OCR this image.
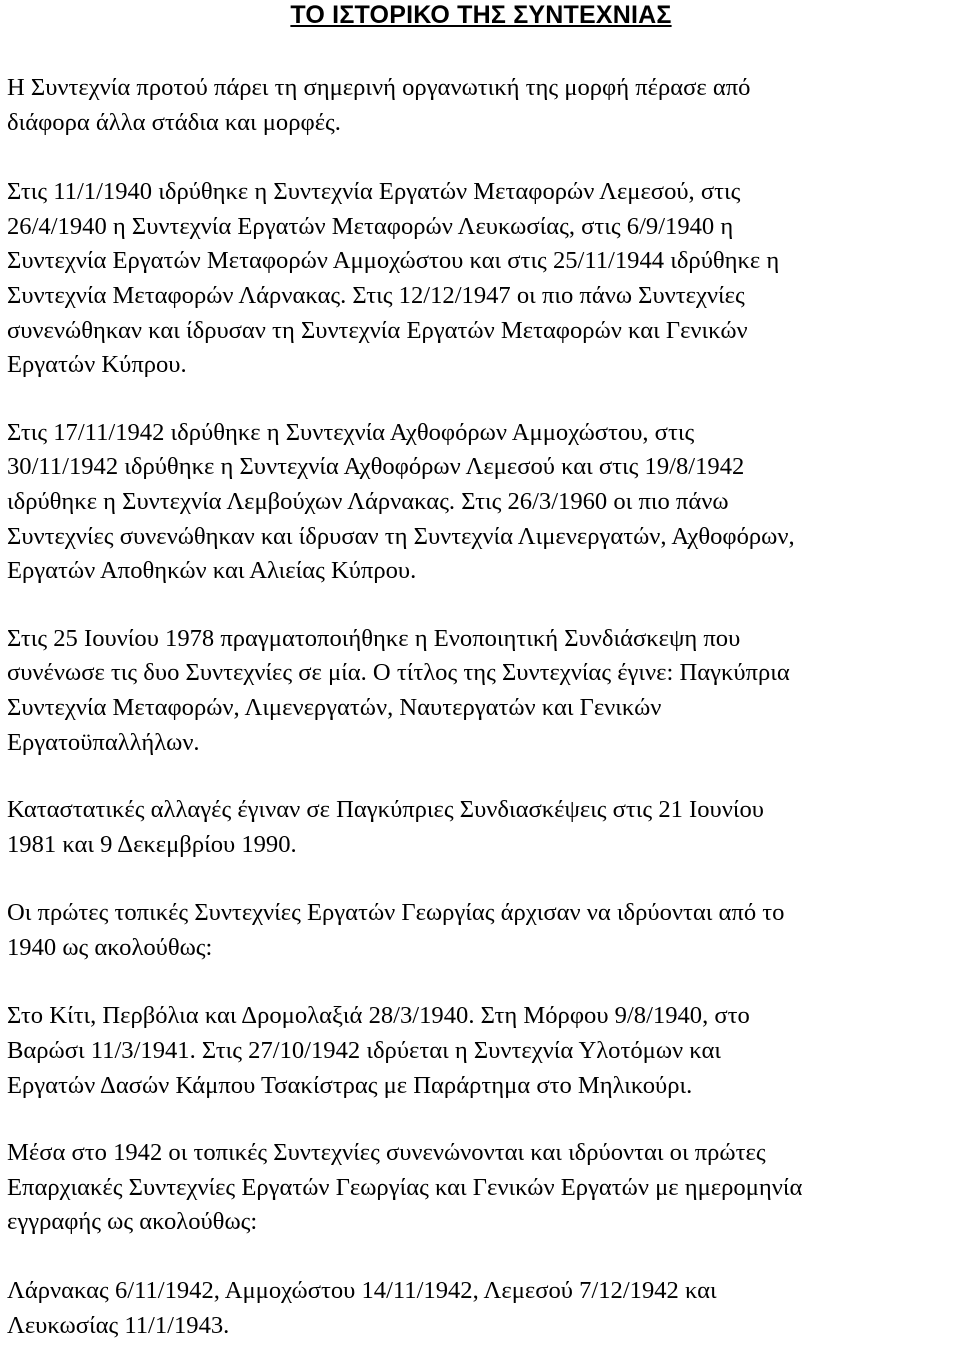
ΤΟ ΙΣΤΟΡΙΚΟ ΤΗΣ ΣΥΝΤΕΧΝΙΑΣ

Η Συντεχνία προτού πάρει τη σημερινή οργανωτική της μορφή πέρασε από
διάφορα άλλα στάδια και μορφές.

Στις 11/1/1940 ιδρύθηκε η Συντεχνία Εργατών Μεταφορών Λεμεσού, στις
26/4/1940 η Συντεχνία Εργατών Μεταφορών Λευκωσίας, στις 6/9/1940 η
Συντεχνία Εργατών Μεταφορών Αμμοχώστου και στις 25/11/1944 ιδρύθηκε η
Συντεχνία Μεταφορών Λάρνακας. Στις 12/12/1947 οι πιο πάνω Συντεχνίες
συνενώθηκαν και ίδρυσαν τη Συντεχνία Εργατών Μεταφορών και Γενικών
Εργατών Κύπρου.

Στις 17/11/1942 ιδρύθηκε η Συντεχνία Αχθοφόρων Αμμοχώστου, στις
30/11/1942 ιδρύθηκε η Συντεχνία Αχθοφόρων Λεμεσού και στις 19/8/1942
ιδρύθηκε η Συντεχνία Λεμβούχων Λάρνακας. Στις 26/3/1960 οι πιο πάνω
Συντεχνίες συνενώθηκαν και ίδρυσαν τη Συντεχνία Λιμενεργατών, Αχθοφόρων,
Εργατών Αποθηκών και Αλιείας Κύπρου.

Στις 25 Ιουνίου 1978 πραγματοποιήθηκε η Ενοποιητική Συνδιάσκεψη που
συνένωσε τις δυο Συντεχνίες σε μία. Ο τίτλος της Συντεχνίας έγινε: Παγκύπρια
Συντεχνία Μεταφορών, Λιμενεργατών, Ναυτεργατών και Γενικών
Εργατοϋπαλλήλων.

Καταστατικές αλλαγές έγιναν σε Παγκύπριες Συνδιασκέψεις στις 21 Ιουνίου
1981 και 9 Δεκεμβρίου 1990.

Οι πρώτες τοπικές Συντεχνίες Εργατών Γεωργίας άρχισαν να ιδρύονται από το
1940 ως ακολούθως:

Στο Κίτι, Περβόλια και Δρομολαξιά 28/3/1940. Στη Μόρφου 9/8/1940, στο
Βαρώσι 11/3/1941. Στις 27/10/1942 ιδρύεται η Συντεχνία Υλοτόμων και
Εργατών Δασών Κάμπου Τσακίστρας με Παράρτημα στο Μηλικούρι.

Μέσα στο 1942 οι τοπικές Συντεχνίες συνενώνονται και ιδρύονται οι πρώτες
Επαρχιακές Συντεχνίες Εργατών Γεωργίας και Γενικών Εργατών με ημερομηνία
εγγραφής ως ακολούθως:

Λάρνακας 6/11/1942, Αμμοχώστου 14/11/1942, Λεμεσού 7/12/1942 και
Λευκωσίας 11/1/1943.
